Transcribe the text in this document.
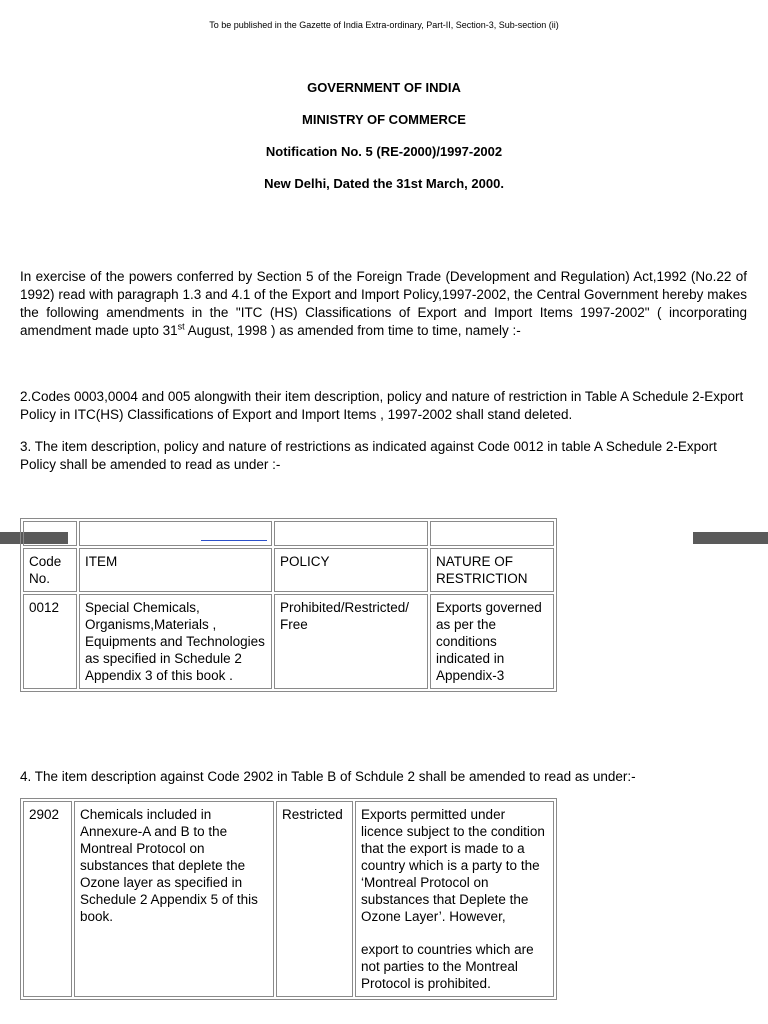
To be published in the Gazette of India Extra-ordinary, Part-II, Section-3, Sub-section (ii)
GOVERNMENT OF INDIA
MINISTRY OF COMMERCE
Notification No. 5 (RE-2000)/1997-2002
New Delhi, Dated the 31st March, 2000.
In exercise of the powers conferred by Section 5 of the Foreign Trade (Development and Regulation) Act,1992 (No.22 of 1992) read with paragraph 1.3 and 4.1 of the Export and Import Policy,1997-2002, the Central Government hereby makes the following amendments in the "ITC (HS) Classifications of Export and Import Items 1997-2002" ( incorporating amendment made upto 31st August, 1998 ) as amended from time to time, namely :-
2.Codes 0003,0004 and 005 alongwith their item description, policy and nature of restriction in Table A Schedule 2-Export Policy in ITC(HS) Classifications of Export and Import Items , 1997-2002 shall stand deleted.
3. The item description, policy and nature of restrictions as indicated against Code 0012 in table A Schedule 2-Export Policy shall be amended to read as under :-

Code No.	ITEM	POLICY	NATURE OF RESTRICTION
0012	Special Chemicals, Organisms,Materials , Equipments and Technologies as specified in Schedule 2 Appendix 3 of this book .	Prohibited/Restricted/ Free	Exports governed as per the conditions indicated in Appendix-3
4. The item description against Code 2902 in Table B of Schdule 2 shall be amended to read as under:-
2902	Chemicals included in Annexure-A and B to the Montreal Protocol on substances that deplete the Ozone layer as specified in Schedule 2 Appendix 5 of this book.	Restricted	Exports permitted under licence subject to the condition that the export is made to a country which is a party to the ‘Montreal Protocol on substances that Deplete the Ozone Layer’. However,
export to countries which are not parties to the Montreal Protocol is prohibited.
